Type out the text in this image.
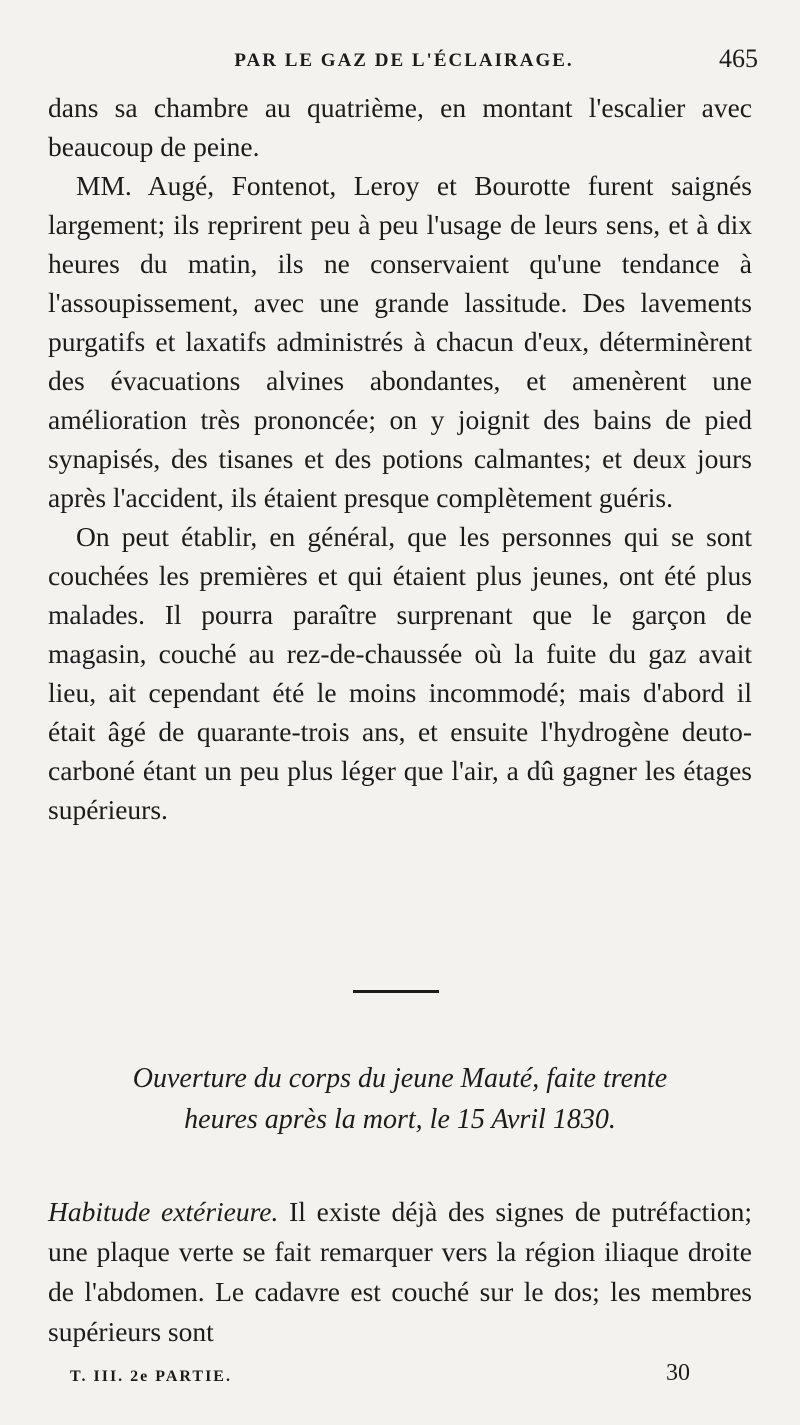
PAR LE GAZ DE L'ÉCLAIRAGE.	465

dans sa chambre au quatrième, en montant l'escalier avec beaucoup de peine.

MM. Augé, Fontenot, Leroy et Bourotte furent saignés largement; ils reprirent peu à peu l'usage de leurs sens, et à dix heures du matin, ils ne conservaient qu'une tendance à l'assoupissement, avec une grande lassitude. Des lavements purgatifs et laxatifs administrés à chacun d'eux, déterminèrent des évacuations alvines abondantes, et amenèrent une amélioration très prononcée; on y joignit des bains de pied synapisés, des tisanes et des potions calmantes; et deux jours après l'accident, ils étaient presque complètement guéris.

On peut établir, en général, que les personnes qui se sont couchées les premières et qui étaient plus jeunes, ont été plus malades. Il pourra paraître surprenant que le garçon de magasin, couché au rez-de-chaussée où la fuite du gaz avait lieu, ait cependant été le moins incommodé; mais d'abord il était âgé de quarante-trois ans, et ensuite l'hydrogène deuto-carboné étant un peu plus léger que l'air, a dû gagner les étages supérieurs.

Ouverture du corps du jeune Mauté, faite trente

heures après la mort, le 15 Avril 1830.

Habitude extérieure. Il existe déjà des signes de putréfaction; une plaque verte se fait remarquer vers la région iliaque droite de l'abdomen. Le cadavre est couché sur le dos; les membres supérieurs sont
T. III. 2e PARTIE.	30
